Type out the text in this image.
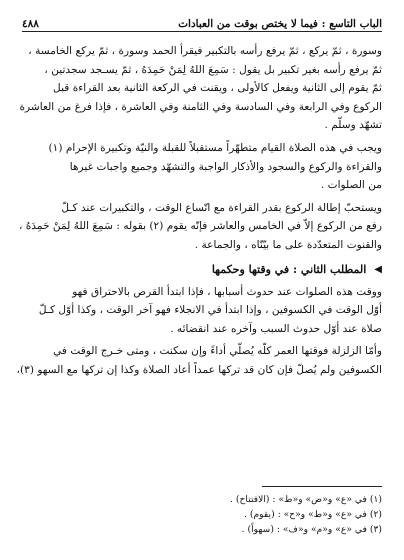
الباب التاسع : فيما لا يختص بوقت من العبادات
٤٨٨
وسورة ، ثمّ يركع ، ثمّ يرفع رأسه بالتكبير فيقرأ الحمد وسورة ، ثمّ يركع الخامسة ،
ثمّ يرفع رأسه بغير تكبير بل يقول : سَمِعَ اللهُ لِمَنْ حَمِدَهُ ، ثمّ يسـجد سجدتين ،
ثمّ يقوم إلى الثانية ويفعل كالأولى ، ويقنت في الركعة الثانية بعد القراءة قبل
الركوع وفي الرابعة وفي السادسة وفي الثامنة وفي العاشرة ، فإذا فرغ من العاشرة
تشهّد وسلّم .
ويجب في هذه الصلاة القيام متطهّراً مستقبلاً للقبلة والنيّة وتكبيرة الإحرام (١)
والقراءة والركوع والسجود والأذكار الواجبة والتشهّد وجميع واجبات غيرها
من الصلوات .
ويستحبّ إطالة الركوع بقدر القراءة مع اتّساع الوقت ، والتكبيرات عند كـلّ
رفع من الركوع إلاّ في الخامس والعاشر فإنّه يقوم (٢) بقوله : سَمِعَ اللهُ لِمَنْ حَمِدَهُ ،
والقنوت المتعدّدة على ما بيّنّاه ، والجماعة .
◀
المطلب الثاني : في وقتها وحكمها
ووقت هذه الصلوات عند حدوث أسبابها ، فإذا ابتدأ القرص بالاحتراق فهو
أوّل الوقت في الكسوفين ، وإذا ابتدأ في الانجلاء فهو آخر الوقت ، وكذا أوّل كـلّ
صلاة عند أوّل حدوث السبب وآخره عند انقضائه .
وأمّا الزلزلة فوقتها العمر كلّه يُصلّي أداءً وإن سكنت ، ومتى خـرج الوقت في
الكسوفين ولم يُصلّ فإن كان قد تركها عمداً أعاد الصلاة وكذا إن تركها مع السهو (٣)،
(١) في «ع» و«ض» و«ط» : (الافتتاح) .
(٢) في «ع» و«ط» و«ح» : (يقوم) .
(٣) في «ع» و«م» و«ف» : (سهواً) .
